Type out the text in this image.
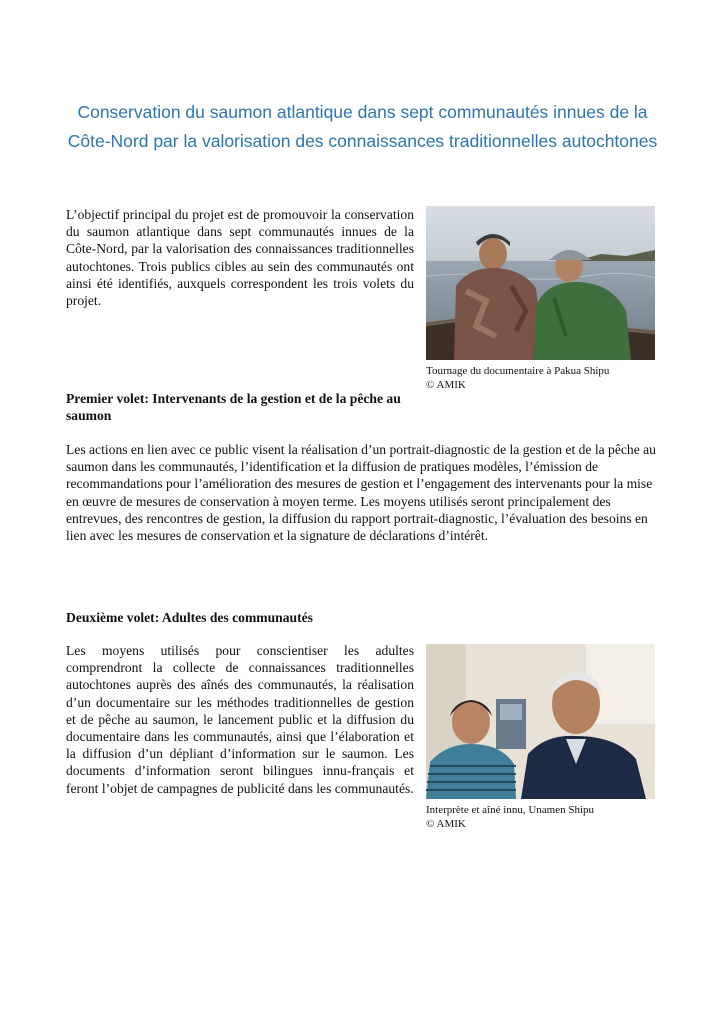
Conservation du saumon atlantique dans sept communautés innues de la
Côte-Nord par la valorisation des connaissances traditionnelles autochtones

L’objectif principal du projet est de promouvoir la conservation du saumon atlantique dans sept communautés innues de la Côte-Nord, par la valorisation des connaissances traditionnelles autochtones. Trois publics cibles au sein des communautés ont ainsi été identifiés, auxquels correspondent les trois volets du projet.

Tournage du documentaire à Pakua Shipu
© AMIK

Premier volet: Intervenants de la gestion et de la pêche au saumon

Les actions en lien avec ce public visent la réalisation d’un portrait-diagnostic de la gestion et de la pêche au saumon dans les communautés, l’identification et la diffusion de pratiques modèles, l’émission de recommandations pour l’amélioration des mesures de gestion et l’engagement des intervenants pour la mise en œuvre de mesures de conservation à moyen terme. Les moyens utilisés seront principalement des entrevues, des rencontres de gestion, la diffusion du rapport portrait-diagnostic, l’évaluation des besoins en lien avec les mesures de conservation et la signature de déclarations d’intérêt.

Deuxième volet: Adultes des communautés

Les moyens utilisés pour conscientiser les adultes comprendront la collecte de connaissances traditionnelles autochtones auprès des aînés des communautés, la réalisation d’un documentaire sur les méthodes traditionnelles de gestion et de pêche au saumon, le lancement public et la diffusion du documentaire dans les communautés, ainsi que l’élaboration et la diffusion d’un dépliant d’information sur le saumon. Les documents d’information seront bilingues innu-français et feront l’objet de campagnes de publicité dans les communautés.

Interprète et aîné innu, Unamen Shipu
© AMIK
